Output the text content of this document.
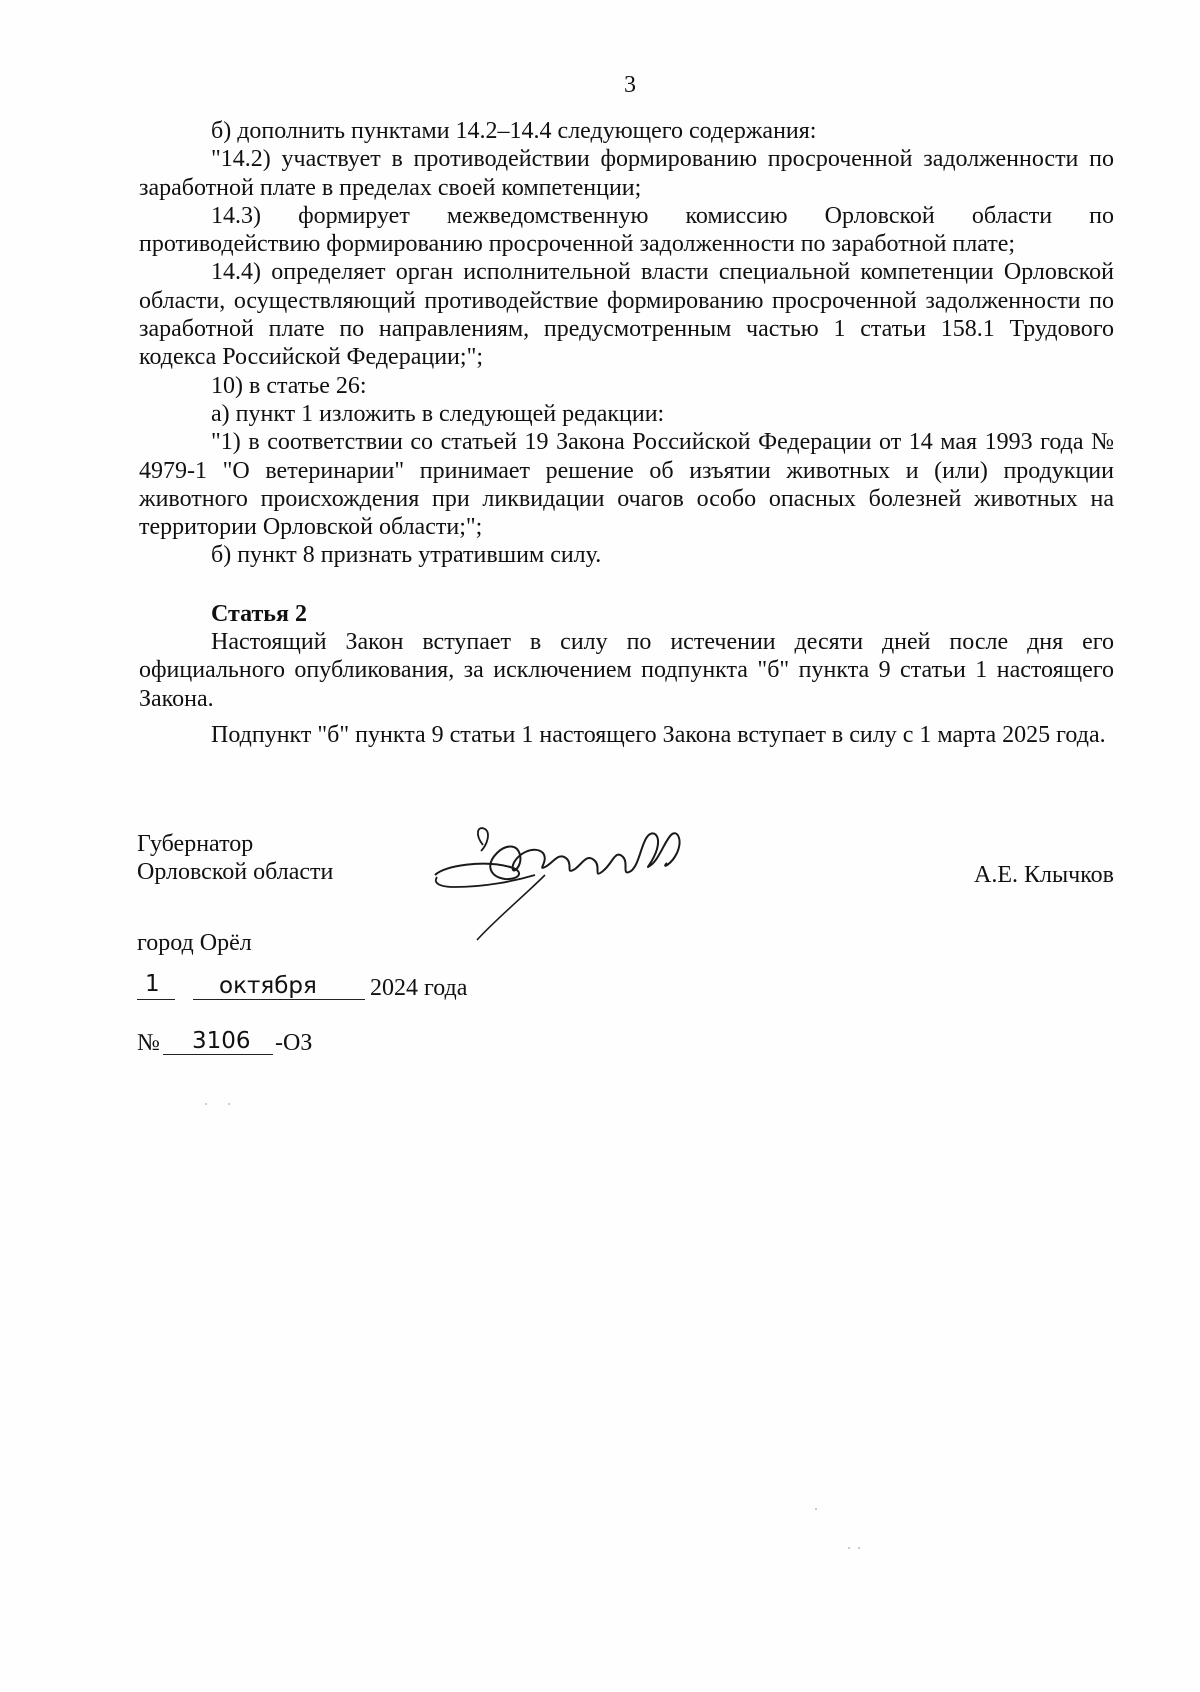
3

б) дополнить пунктами 14.2–14.4 следующего содержания:

"14.2) участвует в противодействии формированию просроченной задолженности по заработной плате в пределах своей компетенции;

14.3) формирует межведомственную комиссию Орловской области по противодействию формированию просроченной задолженности по заработной плате;

14.4) определяет орган исполнительной власти специальной компетенции Орловской области, осуществляющий противодействие формированию просроченной задолженности по заработной плате по направлениям, предусмотренным частью 1 статьи 158.1 Трудового кодекса Российской Федерации;";

10) в статье 26:

а) пункт 1 изложить в следующей редакции:

"1) в соответствии со статьей 19 Закона Российской Федерации от 14 мая 1993 года № 4979-1 "О ветеринарии" принимает решение об изъятии животных и (или) продукции животного происхождения при ликвидации очагов особо опасных болезней животных на территории Орловской области;";

б) пункт 8 признать утратившим силу.

Статья 2

Настоящий Закон вступает в силу по истечении десяти дней после дня его официального опубликования, за исключением подпункта "б" пункта 9 статьи 1 настоящего Закона.

Подпункт "б" пункта 9 статьи 1 настоящего Закона вступает в силу с 1 марта 2025 года.

Губернатор
Орловской области	А.Е. Клычков
город Орёл
1	октября 2024 года
№ 3106 -ОЗ
